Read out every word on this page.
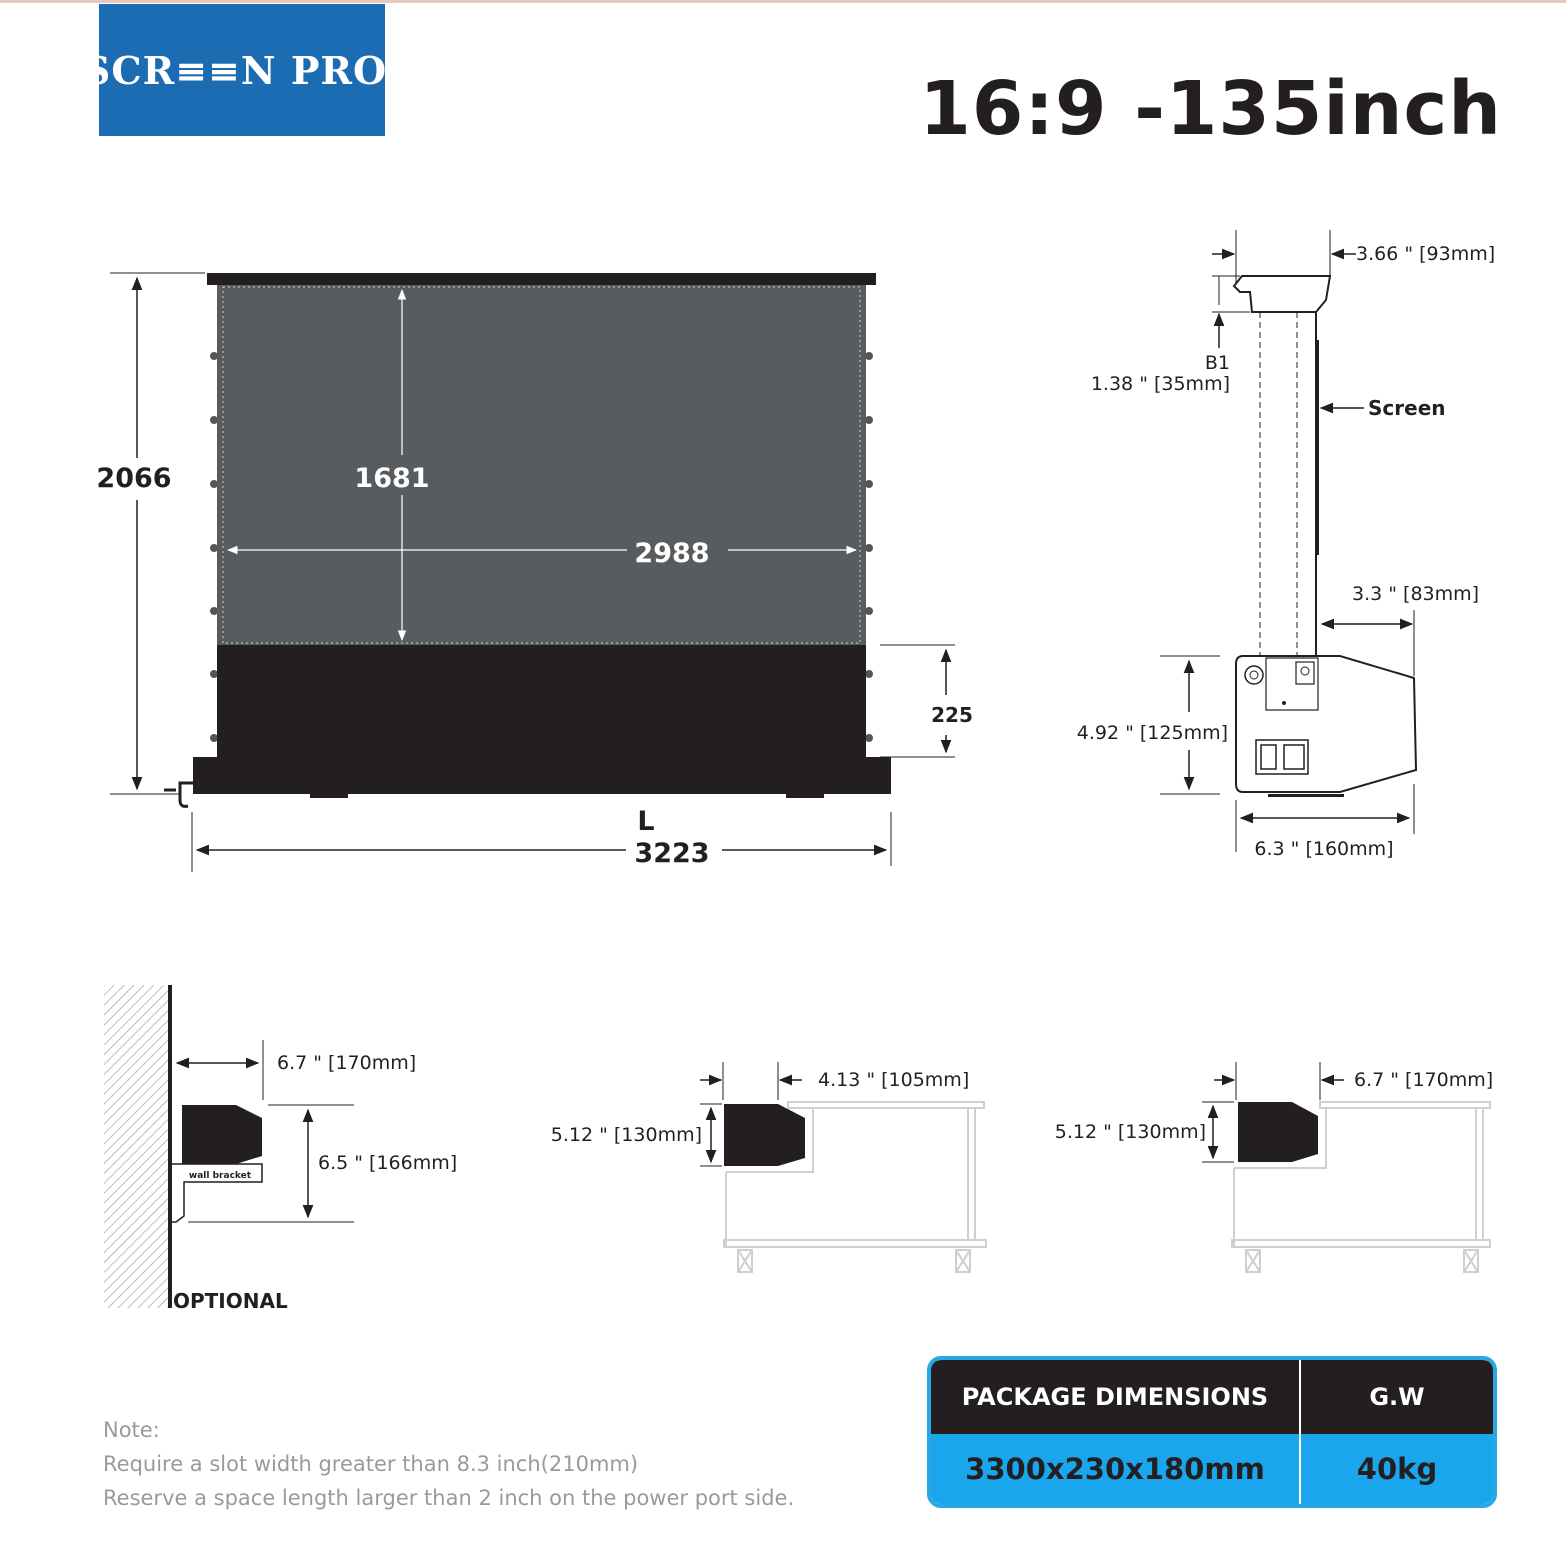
SCR≡≡N PRO ®	16:9 -135inch
2066	1681
2988
225
L
3223
3.66 " [93mm]
B1
1.38 " [35mm]
Screen
3.3 " [83mm]
4.92 " [125mm]
6.3 " [160mm]
wall bracket
6.7 " [170mm]
6.5 " [166mm]
OPTIONAL
4.13 " [105mm]
5.12 " [130mm]
6.7 " [170mm]
5.12 " [130mm]
Note:
Require a slot width greater than 8.3 inch(210mm)
Reserve a space length larger than 2 inch on the power port side.
PACKAGE DIMENSIONS	G.W
3300x230x180mm	40kg
